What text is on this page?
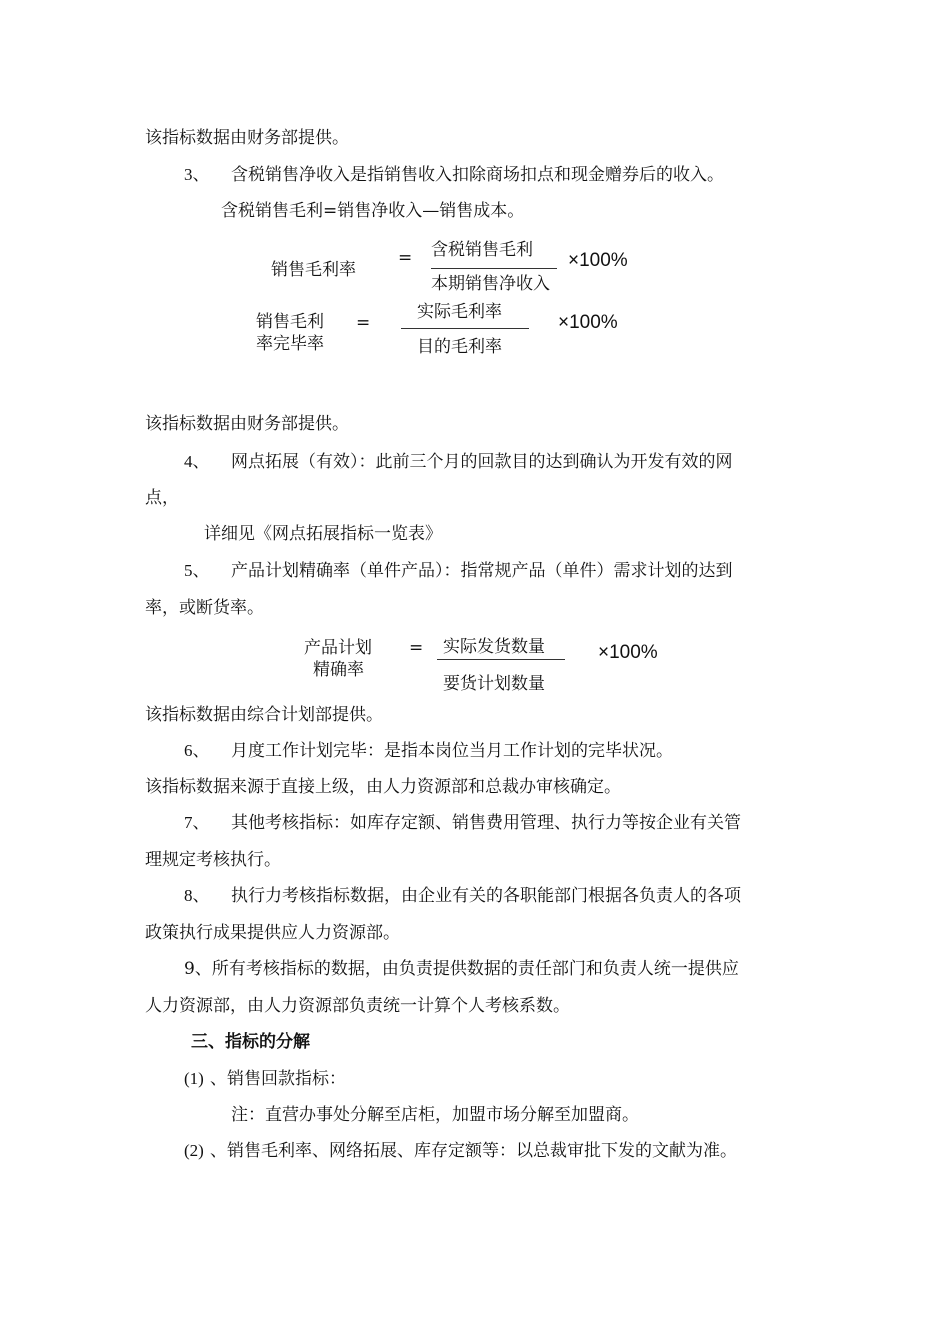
该指标数据由财务部提供。
3、 含税销售净收入是指销售收入扣除商场扣点和现金赠券后的收入。
含税销售毛利=销售净收入—销售成本。
销售毛利率
= 含税销售毛利
本期销售净收入
×100%
销售毛利
率完毕率
=
实际毛利率
目的毛利率
×100%
该指标数据由财务部提供。
4、 网点拓展（有效）：此前三个月的回款目的达到确认为开发有效的网
点，
详细见《网点拓展指标一览表》
5、 产品计划精确率（单件产品）：指常规产品（单件）需求计划的达到
率，或断货率。
产品计划
精确率
= 实际发货数量
要货计划数量
×100%
该指标数据由综合计划部提供。
6、 月度工作计划完毕：是指本岗位当月工作计划的完毕状况。
该指标数据来源于直接上级，由人力资源部和总裁办审核确定。
7、 其他考核指标：如库存定额、销售费用管理、执行力等按企业有关管
理规定考核执行。
8、 执行力考核指标数据，由企业有关的各职能部门根据各负责人的各项
政策执行成果提供应人力资源部。
9、所有考核指标的数据，由负责提供数据的责任部门和负责人统一提供应
人力资源部，由人力资源部负责统一计算个人考核系数。
三、指标的分解
(1) 、销售回款指标：
注：直营办事处分解至店柜，加盟市场分解至加盟商。
(2) 、销售毛利率、网络拓展、库存定额等：以总裁审批下发的文献为准。
